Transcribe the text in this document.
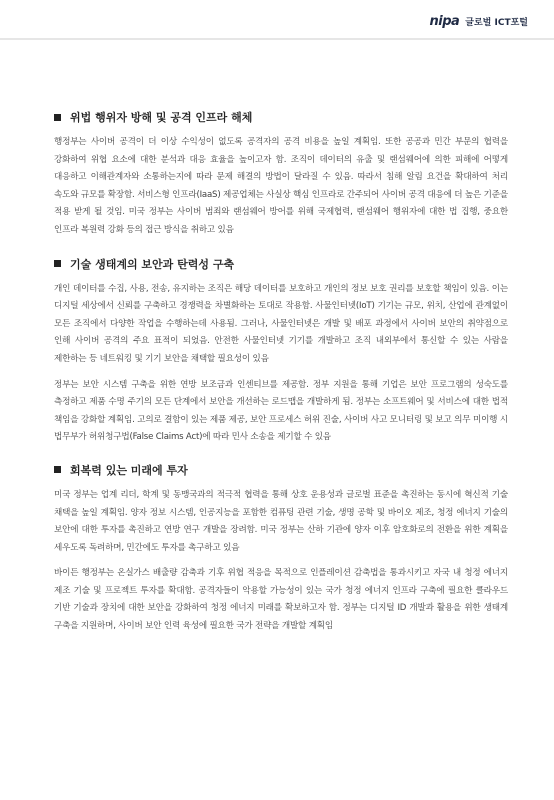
nipa 글로벌 ICT포털
위법 행위자 방해 및 공격 인프라 해체

행정부는 사이버 공격이 더 이상 수익성이 없도록 공격자의 공격 비용을 높일 계획임. 또한 공공과 민간 부문의 협력을 강화하여 위협 요소에 대한 분석과 대응 효율을 높이고자 함. 조직이 데이터의 유출 및 랜섬웨어에 의한 피해에 어떻게 대응하고 이해관계자와 소통하는지에 따라 문제 해결의 방법이 달라질 수 있음. 따라서 침해 알림 요건을 확대하여 처리 속도와 규모를 확장함. 서비스형 인프라(IaaS) 제공업체는 사실상 핵심 인프라로 간주되어 사이버 공격 대응에 더 높은 기준을 적용 받게 될 것임. 미국 정부는 사이버 범죄와 랜섬웨어 방어를 위해 국제협력, 랜섬웨어 행위자에 대한 법 집행, 중요한 인프라 복원력 강화 등의 접근 방식을 취하고 있음

기술 생태계의 보안과 탄력성 구축

개인 데이터를 수집, 사용, 전송, 유지하는 조직은 해당 데이터를 보호하고 개인의 정보 보호 권리를 보호할 책임이 있음. 이는 디지털 세상에서 신뢰를 구축하고 경쟁력을 차별화하는 토대로 작용함. 사물인터넷(IoT) 기기는 규모, 위치, 산업에 관계없이 모든 조직에서 다양한 작업을 수행하는데 사용됨. 그러나, 사물인터넷은 개발 및 배포 과정에서 사이버 보안의 취약점으로 인해 사이버 공격의 주요 표적이 되었음. 안전한 사물인터넷 기기를 개발하고 조직 내외부에서 통신할 수 있는 사람을 제한하는 등 네트워킹 및 기기 보안을 채택할 필요성이 있음

정부는 보안 시스템 구축을 위한 연방 보조금과 인센티브를 제공함. 정부 지원을 통해 기업은 보안 프로그램의 성숙도를 측정하고 제품 수명 주기의 모든 단계에서 보안을 개선하는 로드맵을 개발하게 됨. 정부는 소프트웨어 및 서비스에 대한 법적 책임을 강화할 계획임. 고의로 결함이 있는 제품 제공, 보안 프로세스 허위 진술, 사이버 사고 모니터링 및 보고 의무 미이행 시 법무부가 허위청구법(False Claims Act)에 따라 민사 소송을 제기할 수 있음

회복력 있는 미래에 투자

미국 정부는 업계 리더, 학계 및 동맹국과의 적극적 협력을 통해 상호 운용성과 글로벌 표준을 촉진하는 동시에 혁신적 기술 채택을 높일 계획임. 양자 정보 시스템, 인공지능을 포함한 컴퓨팅 관련 기술, 생명 공학 및 바이오 제조, 청정 에너지 기술의 보안에 대한 투자를 촉진하고 연방 연구 개발을 장려함. 미국 정부는 산하 기관에 양자 이후 암호화로의 전환을 위한 계획을 세우도록 독려하며, 민간에도 투자를 촉구하고 있음

바이든 행정부는 온실가스 배출량 감축과 기후 위협 적응을 목적으로 인플레이션 감축법을 통과시키고 자국 내 청정 에너지 제조 기술 및 프로젝트 투자를 확대함. 공격자들이 악용할 가능성이 있는 국가 청정 에너지 인프라 구축에 필요한 클라우드 기반 기술과 장치에 대한 보안을 강화하여 청정 에너지 미래를 확보하고자 함. 정부는 디지털 ID 개발과 활용을 위한 생태계 구축을 지원하며, 사이버 보안 인력 육성에 필요한 국가 전략을 개발할 계획임
